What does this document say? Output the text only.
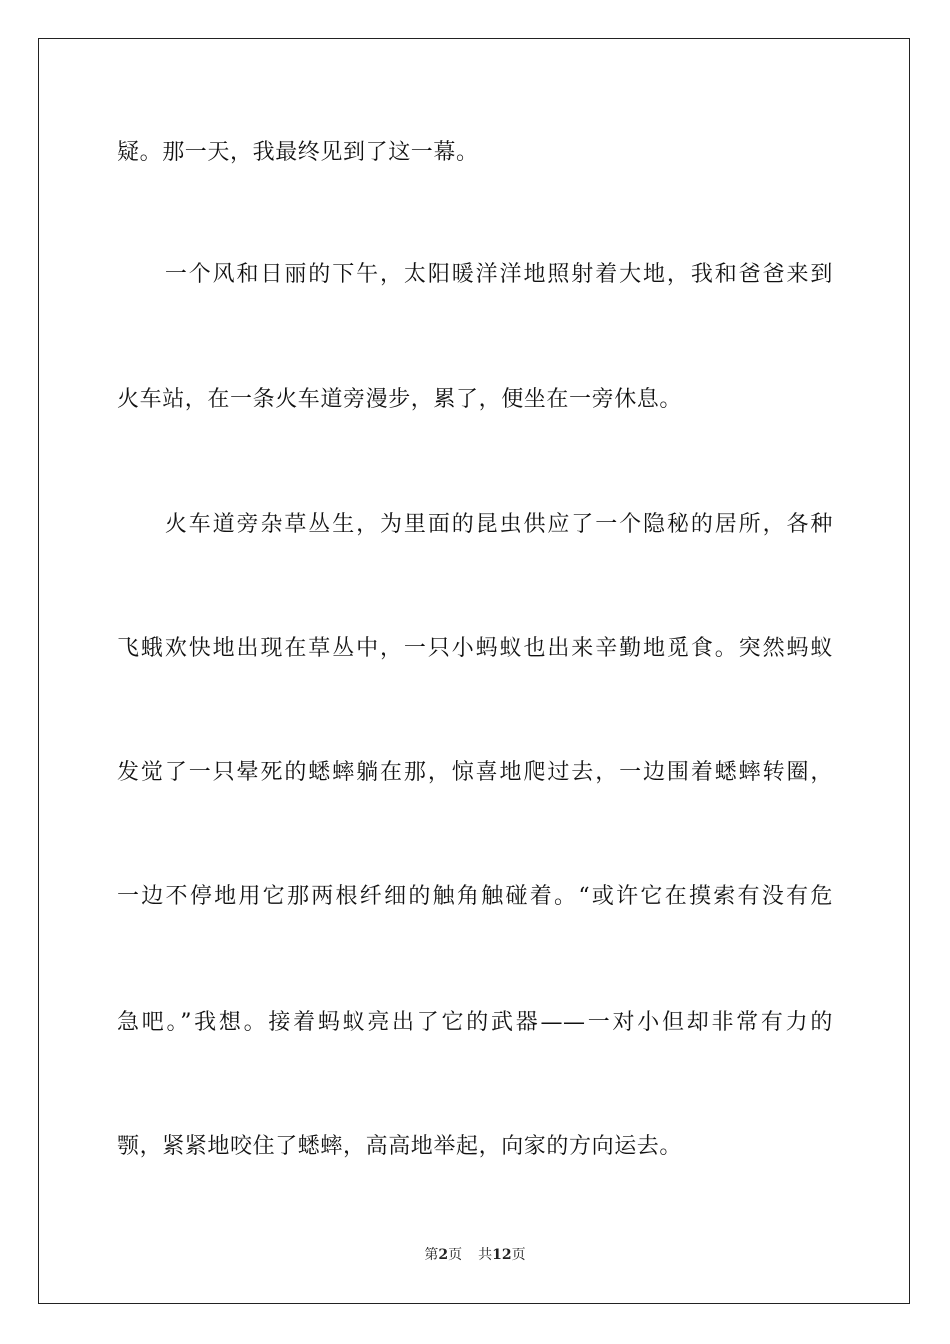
疑。那一天，我最终见到了这一幕。
　　一个风和日丽的下午，太阳暖洋洋地照射着大地，我和爸爸来到
火车站，在一条火车道旁漫步，累了，便坐在一旁休息。
　　火车道旁杂草丛生，为里面的昆虫供应了一个隐秘的居所，各种
飞蛾欢快地出现在草丛中，一只小蚂蚁也出来辛勤地觅食。突然蚂蚁
发觉了一只晕死的蟋蟀躺在那，惊喜地爬过去，一边围着蟋蟀转圈，
一边不停地用它那两根纤细的触角触碰着。“或许它在摸索有没有危
急吧。”我想。接着蚂蚁亮出了它的武器——一对小但却非常有力的
颚，紧紧地咬住了蟋蟀，高高地举起，向家的方向运去。
第2页 共12页
